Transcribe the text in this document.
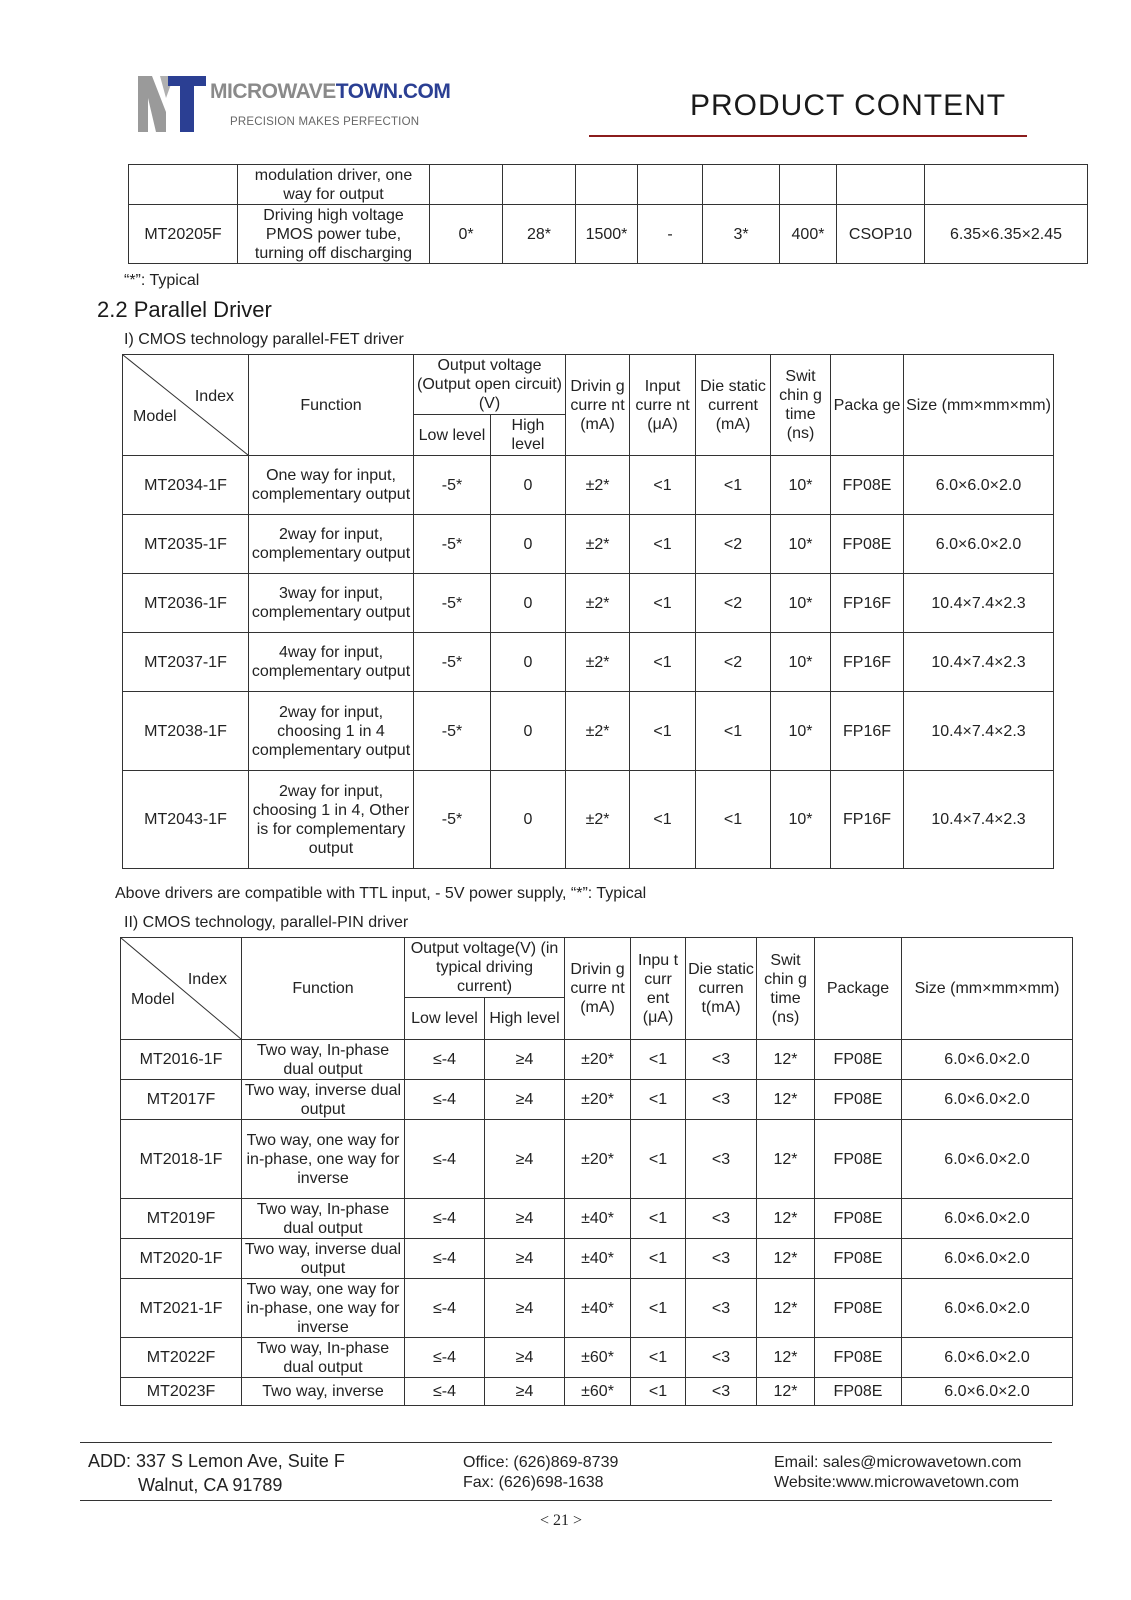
MICROWAVETOWN.COM
PRECISION MAKES PERFECTION	PRODUCT CONTENT
	modulation driver, one way for output								
MT20205F	Driving high voltage PMOS power tube, turning off discharging	0*	28*	1500*	-	3*	400*	CSOP10	6.35×6.35×2.45
“*”: Typical
2.2 Parallel Driver
I) CMOS technology parallel-FET driver
Index
Model	Function	Output voltage (Output open circuit)(V)		Drivin g curre nt (mA)	Input curre nt (μA)	Die static current (mA)	Swit chin g time (ns)	Packa ge	Size (mm×mm×mm)
		Low level	High level						
MT2034-1F	One way for input, complementary output	-5*	0	±2*	<1	<1	10*	FP08E	6.0×6.0×2.0
MT2035-1F	2way for input, complementary output	-5*	0	±2*	<1	<2	10*	FP08E	6.0×6.0×2.0
MT2036-1F	3way for input, complementary output	-5*	0	±2*	<1	<2	10*	FP16F	10.4×7.4×2.3
MT2037-1F	4way for input, complementary output	-5*	0	±2*	<1	<2	10*	FP16F	10.4×7.4×2.3
MT2038-1F	2way for input, choosing 1 in 4 complementary output	-5*	0	±2*	<1	<1	10*	FP16F	10.4×7.4×2.3
MT2043-1F	2way for input, choosing 1 in 4, Other is for complementary output	-5*	0	±2*	<1	<1	10*	FP16F	10.4×7.4×2.3
Above drivers are compatible with TTL input, - 5V power supply, “*”: Typical
II) CMOS technology, parallel-PIN driver
Index
Model	Function	Output voltage(V) (in typical driving current)		Drivin g curre nt (mA)	Inpu t curr ent (μA)	Die static curren t(mA)	Swit chin g time (ns)	Package	Size (mm×mm×mm)
		Low level	High level						
MT2016-1F	Two way, In-phase dual output	≤-4	≥4	±20*	<1	<3	12*	FP08E	6.0×6.0×2.0
MT2017F	Two way, inverse dual output	≤-4	≥4	±20*	<1	<3	12*	FP08E	6.0×6.0×2.0
MT2018-1F	Two way, one way for in-phase, one way for inverse	≤-4	≥4	±20*	<1	<3	12*	FP08E	6.0×6.0×2.0
MT2019F	Two way, In-phase dual output	≤-4	≥4	±40*	<1	<3	12*	FP08E	6.0×6.0×2.0
MT2020-1F	Two way, inverse dual output	≤-4	≥4	±40*	<1	<3	12*	FP08E	6.0×6.0×2.0
MT2021-1F	Two way, one way for in-phase, one way for inverse	≤-4	≥4	±40*	<1	<3	12*	FP08E	6.0×6.0×2.0
MT2022F	Two way, In-phase dual output	≤-4	≥4	±60*	<1	<3	12*	FP08E	6.0×6.0×2.0
MT2023F	Two way, inverse	≤-4	≥4	±60*	<1	<3	12*	FP08E	6.0×6.0×2.0
ADD: 337 S Lemon Ave, Suite F
Walnut, CA 91789
Office: (626)869-8739
Fax: (626)698-1638
Email: sales@microwavetown.com
Website:www.microwavetown.com
< 21 >
